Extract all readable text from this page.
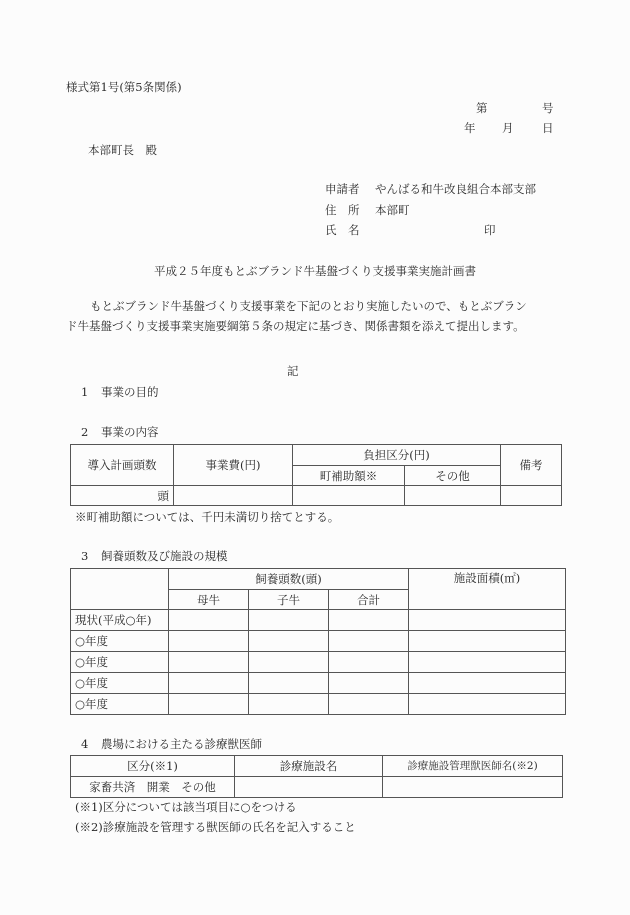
様式第1号(第5条関係)
第	号
年 月 日
本部町長　殿
申請者 やんばる和牛改良組合本部支部
住　所 本部町
氏　名	印
平成２５年度もとぶブランド牛基盤づくり支援事業実施計画書
もとぶブランド牛基盤づくり支援事業を下記のとおり実施したいので、もとぶブラン
ド牛基盤づくり支援事業実施要綱第５条の規定に基づき、関係書類を添えて提出します。
記
1 事業の目的
2 事業の内容
導入計画頭数	事業費(円)	負担区分(円)		備考
		町補助額※	その他	
頭				
※町補助額については、千円未満切り捨てとする。
3 飼養頭数及び施設の規模
	飼養頭数(頭)			施設面積(㎡)
	母牛	子牛	合計	
現状(平成○年)				
○年度				
○年度				
○年度				
○年度				
4 農場における主たる診療獣医師
区分(※1)	診療施設名	診療施設管理獣医師名(※2)
家畜共済　開業　その他		
(※1)区分については該当項目に○をつける
(※2)診療施設を管理する獣医師の氏名を記入すること
